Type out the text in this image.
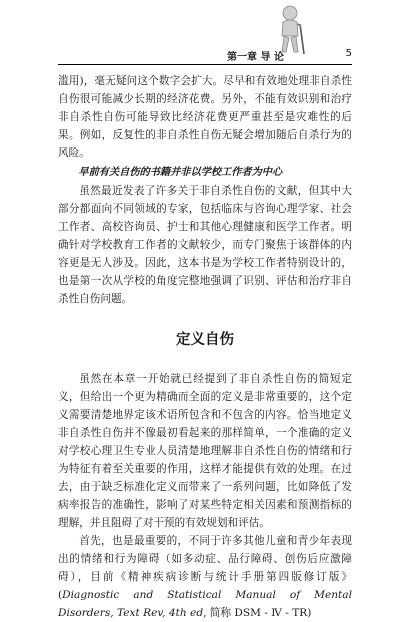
第一章 导 论	5

滥用)，毫无疑问这个数字会扩大。尽早和有效地处理非自杀性自伤很可能减少长期的经济花费。另外，不能有效识别和治疗非自杀性自伤可能导致比经济花费更严重甚至是灾难性的后果。例如，反复性的非自杀性自伤无疑会增加随后自杀行为的风险。

早前有关自伤的书籍并非以学校工作者为中心

虽然最近发表了许多关于非自杀性自伤的文献，但其中大部分都面向不同领域的专家，包括临床与咨询心理学家、社会工作者、高校咨询员、护士和其他心理健康和医学工作者。明确针对学校教育工作者的文献较少，而专门聚焦于该群体的内容更是无人涉及。因此，这本书是为学校工作者特别设计的，也是第一次从学校的角度完整地强调了识别、评估和治疗非自杀性自伤问题。

定义自伤

虽然在本章一开始就已经提到了非自杀性自伤的简短定义，但给出一个更为精确而全面的定义是非常重要的，这个定义需要清楚地界定该术语所包含和不包含的内容。恰当地定义非自杀性自伤并不像最初看起来的那样简单，一个准确的定义对学校心理卫生专业人员清楚地理解非自杀性自伤的情绪和行为特征有着至关重要的作用，这样才能提供有效的处理。在过去，由于缺乏标准化定义而带来了一系列问题，比如降低了发病率报告的准确性，影响了对某些特定相关因素和预测指标的理解，并且阻碍了对干预的有效规划和评估。

首先，也是最重要的，不同于许多其他儿童和青少年表现出的情绪和行为障碍（如多动症、品行障碍、创伤后应激障碍），目前《精神疾病诊断与统计手册第四版修订版》(Diagnostic and Statistical Manual of Mental Disorders, Text Rev, 4th ed, 简称 DSM - Ⅳ - TR)
